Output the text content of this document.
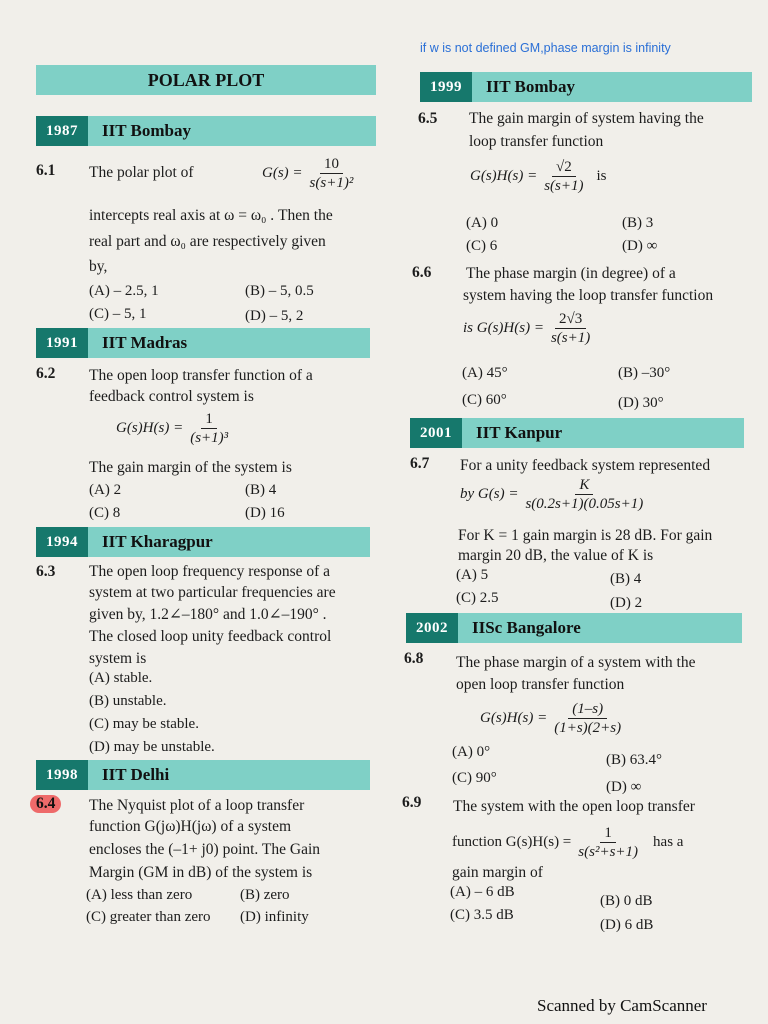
if w is not defined GM,phase margin is infinity
POLAR PLOT
1987	IIT Bombay
6.1 The polar plot of	$G(s) = \frac{10}{\text{s(s+1)²}}$
intercepts real axis at ω = ω₀ . Then the
real part and ω₀ are respectively given
by,
(A) – 2.5, 1	(B) – 5, 0.5
(C) – 5, 1	(D) – 5, 2
1991	IIT Madras
6.2 The open loop transfer function of a
feedback control system is
$G(s)H(s) = \frac{1}{\text{(s+1)³}}$
The gain margin of the system is
(A) 2	(B) 4
(C) 8	(D) 16
1994	IIT Kharagpur
6.3 The open loop frequency response of a
system at two particular frequencies are
given by, 1.2∠–180° and 1.0∠–190° .
The closed loop unity feedback control
system is
(A) stable.
(B) unstable.
(C) may be stable.
(D) may be unstable.
1998	IIT Delhi
6.4	The Nyquist plot of a loop transfer
function G(jω)H(jω) of a system
encloses the (–1+ j0) point. The Gain
Margin (GM in dB) of the system is
(A) less than zero	(B) zero
(C) greater than zero (D) infinity
1999	IIT Bombay
6.5 The gain margin of system having the
loop transfer function
$G(s)H(s) = \frac{√2}{s(s+1)}$ is
(A) 0	(B) 3
(C) 6	(D) ∞
6.6 The phase margin (in degree) of a
system having the loop transfer function
is $G(s)H(s) = \frac{2√3}{s(s+1)}$
(A) 45°	(B) –30°
(C) 60°	(D) 30°
2001	IIT Kanpur
6.7 For a unity feedback system represented
by $G(s) = \frac{K}{s(0.2s+1)(0.05s+1)}$
For K = 1 gain margin is 28 dB. For gain
margin 20 dB, the value of K is
(A) 5	(B) 4
(C) 2.5	(D) 2
2002	IISc Bangalore
6.8 The phase margin of a system with the
open loop transfer function
$G(s)H(s) = \frac{(1-s)}{(1+s)(2+s)}$
(A) 0°	(B) 63.4°
(C) 90°
(D) ∞
6.9 The system with the open loop transfer
function $G(s)H(s) = \frac{1}{\text{s(s²+s+1)}}$ has a
gain margin of
(A) – 6 dB
(B) 0 dB
(C) 3.5 dB
(D) 6 dB
Scanned by CamScanner
